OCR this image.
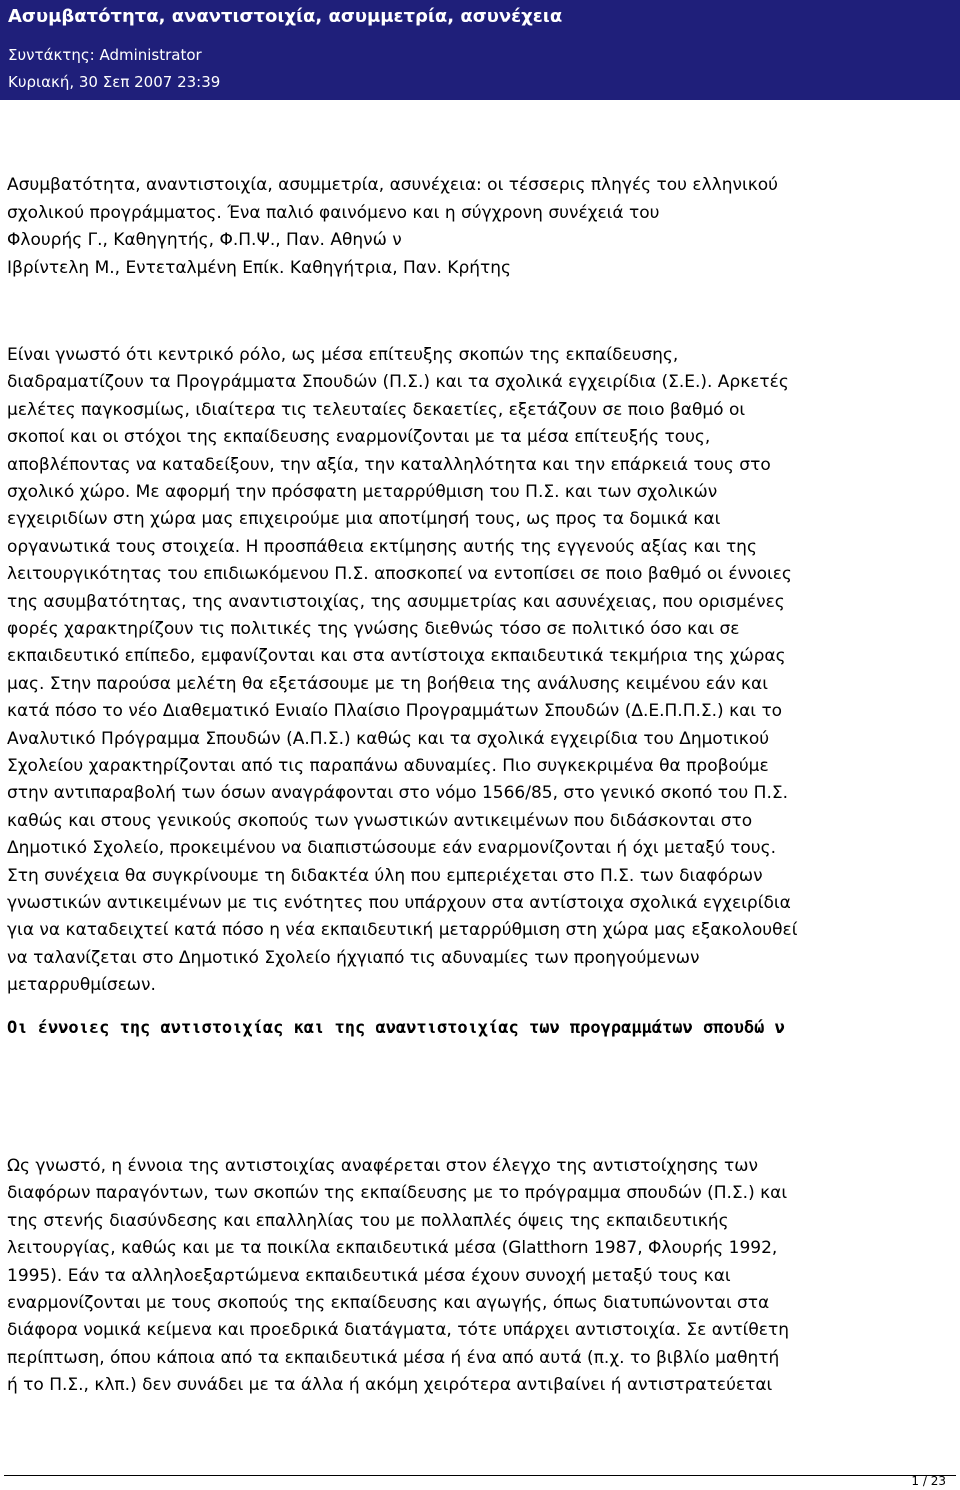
Ασυμβατότητα, αναντιστοιχία, ασυμμετρία, ασυνέχεια
Συντάκτης: Administrator
Κυριακή, 30 Σεπ 2007 23:39
Ασυμβατότητα, αναντιστοιχία, ασυμμετρία, ασυνέχεια: οι τέσσερις πληγές του ελληνικού
σχολικού προγράμματος. Ένα παλιό φαινόμενο και η σύγχρονη συνέχειά του
Φλουρής Γ., Καθηγητής, Φ.Π.Ψ., Παν. Αθηνώ ν
Ιβρίντελη Μ., Εντεταλμένη Επίκ. Καθηγήτρια, Παν. Κρήτης
Είναι γνωστό ότι κεντρικό ρόλο, ως μέσα επίτευξης σκοπών της εκπαίδευσης,
διαδραματίζουν τα Προγράμματα Σπουδών (Π.Σ.) και τα σχολικά εγχειρίδια (Σ.Ε.). Αρκετές
μελέτες παγκοσμίως, ιδιαίτερα τις τελευταίες δεκαετίες, εξετάζουν σε ποιο βαθμό οι
σκοποί και οι στόχοι της εκπαίδευσης εναρμονίζονται με τα μέσα επίτευξής τους,
αποβλέποντας να καταδείξουν, την αξία, την καταλληλότητα και την επάρκειά τους στο
σχολικό χώρο. Με αφορμή την πρόσφατη μεταρρύθμιση του Π.Σ. και των σχολικών
εγχειριδίων στη χώρα μας επιχειρούμε μια αποτίμησή τους, ως προς τα δομικά και
οργανωτικά τους στοιχεία. Η προσπάθεια εκτίμησης αυτής της εγγενούς αξίας και της
λειτουργικότητας του επιδιωκόμενου Π.Σ. αποσκοπεί να εντοπίσει σε ποιο βαθμό οι έννοιες
της ασυμβατότητας, της αναντιστοιχίας, της ασυμμετρίας και ασυνέχειας, που ορισμένες
φορές χαρακτηρίζουν τις πολιτικές της γνώσης διεθνώς τόσο σε πολιτικό όσο και σε
εκπαιδευτικό επίπεδο, εμφανίζονται και στα αντίστοιχα εκπαιδευτικά τεκμήρια της χώρας
μας. Στην παρούσα μελέτη θα εξετάσουμε με τη βοήθεια της ανάλυσης κειμένου εάν και
κατά πόσο το νέο Διαθεματικό Ενιαίο Πλαίσιο Προγραμμάτων Σπουδών (Δ.Ε.Π.Π.Σ.) και το
Αναλυτικό Πρόγραμμα Σπουδών (Α.Π.Σ.) καθώς και τα σχολικά εγχειρίδια του Δημοτικού
Σχολείου χαρακτηρίζονται από τις παραπάνω αδυναμίες. Πιο συγκεκριμένα θα προβούμε
στην αντιπαραβολή των όσων αναγράφονται στο νόμο 1566/85, στο γενικό σκοπό του Π.Σ.
καθώς και στους γενικούς σκοπούς των γνωστικών αντικειμένων που διδάσκονται στο
Δημοτικό Σχολείο, προκειμένου να διαπιστώσουμε εάν εναρμονίζονται ή όχι μεταξύ τους.
Στη συνέχεια θα συγκρίνουμε τη διδακτέα ύλη που εμπεριέχεται στο Π.Σ. των διαφόρων
γνωστικών αντικειμένων με τις ενότητες που υπάρχουν στα αντίστοιχα σχολικά εγχειρίδια
για να καταδειχτεί κατά πόσο η νέα εκπαιδευτική μεταρρύθμιση στη χώρα μας εξακολουθεί
να ταλανίζεται στο Δημοτικό Σχολείο ήχγιαπό τις αδυναμίες των προηγούμενων
μεταρρυθμίσεων.
Οι έννοιες της αντιστοιχίας και της αναντιστοιχίας των προγραμμάτων σπουδώ ν
Ως γνωστό, η έννοια της αντιστοιχίας αναφέρεται στον έλεγχο της αντιστοίχησης των
διαφόρων παραγόντων, των σκοπών της εκπαίδευσης με το πρόγραμμα σπουδών (Π.Σ.) και
της στενής διασύνδεσης και επαλληλίας του με πολλαπλές όψεις της εκπαιδευτικής
λειτουργίας, καθώς και με τα ποικίλα εκπαιδευτικά μέσα (Glatthorn 1987, Φλουρής 1992,
1995). Εάν τα αλληλοεξαρτώμενα εκπαιδευτικά μέσα έχουν συνοχή μεταξύ τους και
εναρμονίζονται με τους σκοπούς της εκπαίδευσης και αγωγής, όπως διατυπώνονται στα
διάφορα νομικά κείμενα και προεδρικά διατάγματα, τότε υπάρχει αντιστοιχία. Σε αντίθετη
περίπτωση, όπου κάποια από τα εκπαιδευτικά μέσα ή ένα από αυτά (π.χ. το βιβλίο μαθητή
ή το Π.Σ., κλπ.) δεν συνάδει με τα άλλα ή ακόμη χειρότερα αντιβαίνει ή αντιστρατεύεται
1 / 23
